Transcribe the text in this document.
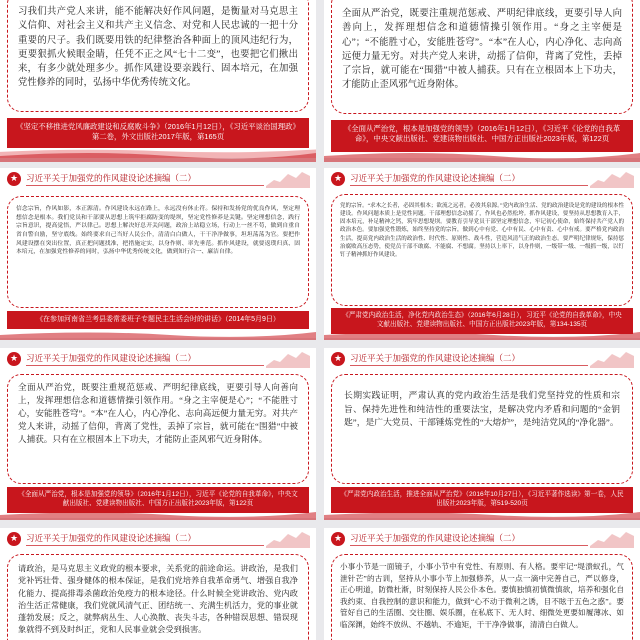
习我们共产党人来讲，能不能解决好作风问题，是衡量对马克思主义信仰、对社会主义和共产主义信念、对党和人民忠诚的一把十分重要的尺子。我们既要用铁的纪律整治各种面上的顶风违纪行为，更要狠抓火候眼金睛，任凭不正之风“七十二变”，也要把它们揪出来，有多少就处理多少。抓作风建设要亲践行、固本培元，在加强党性修养的同时，弘扬中华优秀传统文化。

《坚定不移推进党风廉政建设和反腐败斗争》（2016年1月12日），《习近平谈治国理政》第二卷，外文出版社2017年版，第165页

全面从严治党，既要注重规范惩戒、严明纪律底线，更要引导人向善向上，发挥理想信念和道德情操引领作用。“身之主宰便是心”；“不能胜寸心，安能胜苍穹”。“本”在人心，内心净化、志向高远便力量无穷。对共产党人来讲，动摇了信仰，背离了党性，丢掉了宗旨，就可能在“围猎”中被人捕获。只有在立根固本上下功夫，才能防止歪风邪气近身附体。

《全面从严治党，根本是加强党的领导》（2016年1月12日），《习近平《论党的自我革命》，中央文献出版社、党建读物出版社、中国方正出版社2023年版，第122页
★ 习近平关于加强党的作风建设论述摘编（二）

信念宗旨，作风如影，本正源清。作风建设永远在路上，永远没有休止符。保持和发扬党的优良作风，坚定理想信念是根本。我们党员和干部要从思想上筑牢拒腐防变的堤坝，坚定党性修养是关键。坚定理想信念，践行宗旨意识，提高觉悟，严以律己。思想上解决好总开关问题，政治上站稳立场，行动上一丝不苟，做到自重自省自警自励，坚守底线。始终要求自己当好人民公仆，清清白白做人，干干净净做事，坦坦荡荡为官。要把作风建设摆在突出位置，真正把问题找准，把措施定实，以身作则、率先垂范。抓作风建设，就要返璞归真、固本培元，在加强党性修养的同时，弘扬中华优秀传统文化，做到知行合一、廉洁自律。

《在参加河南省兰考县委常委班子专题民主生活会时的讲话》（2014年5月9日）
★ 习近平关于加强党的作风建设论述摘编（二）

党的宗旨。“求木之长者，必固其根本；欲流之远者，必浚其泉源。”党内政治生活、党的政治建设是党的建设的根本性建设。作风问题本质上是党性问题。干部理想信念动摇了，作风也必然松垮。抓作风建设，要坚持从思想教育入手，固本培元，补足精神之钙，筑牢思想堤坝。要教育引导党员干部坚定理想信念，牢记初心使命，始终保持共产党人的政治本色。要加强党性锻炼，始终坚持党的宗旨，做到心中有党、心中有民、心中有责、心中有戒。要严格党内政治生活，提高党内政治生活的政治性、时代性、原则性、战斗性，营造风清气正的政治生态。要严明纪律规矩，保持惩治腐败高压态势，使党员干部不敢腐、不能腐、不想腐。坚持以上率下，以身作则，一级带一级、一级抓一级，以钉钉子精神抓好作风建设。

《严肃党内政治生活，净化党内政治生态》（2016年6月28日），习近平《论党的自我革命》，中央文献出版社、党建读物出版社、中国方正出版社2023年版，第134-135页
★ 习近平关于加强党的作风建设论述摘编（二）

全面从严治党，既要注重规范惩戒、严明纪律底线，更要引导人向善向上，发挥理想信念和道德情操引领作用。“身之主宰便是心”；“不能胜寸心，安能胜苍穹”。“本”在人心，内心净化、志向高远便力量无穷。对共产党人来讲，动摇了信仰，背离了党性，丢掉了宗旨，就可能在“围猎”中被人捕获。只有在立根固本上下功夫，才能防止歪风邪气近身附体。

《全面从严治党，根本是加强党的领导》（2016年1月12日），习近平《论党的自我革命》，中央文献出版社、党建读物出版社、中国方正出版社2023年版，第122页
★ 习近平关于加强党的作风建设论述摘编（二）

长期实践证明，严肃认真的党内政治生活是我们党坚持党的性质和宗旨、保持先进性和纯洁性的重要法宝，是解决党内矛盾和问题的“金钥匙”，是广大党员、干部锤炼党性的“大熔炉”，是纯洁党风的“净化器”。

《严肃党内政治生活，推进全面从严治党》（2016年10月27日），《习近平著作选读》第一卷，人民出版社2023年版，第519-520页
★ 习近平关于加强党的作风建设论述摘编（二）

请政治，是马克思主义政党的根本要求，关系党的前途命运。讲政治，是我们党补钙壮骨、强身健体的根本保证，是我们党培养自我革命勇气、增强自我净化能力、提高排毒杀菌政治免疫力的根本途径。什么时候全党讲政治、党内政治生活正常健康，我们党就风清气正、团结统一、充满生机活力，党的事业就蓬勃发展；反之，就弊病丛生、人心涣散、丧失斗志，各种错误思想、错误现象就得不到及时纠正，党和人民事业就会受到损害。

★ 习近平关于加强党的作风建设论述摘编（二）

小事小节是一面镜子，小事小节中有党性、有原则、有人格。要牢记“堤溃蚁孔，气泄针芒”的古训，坚持从小事小节上加强修养，从一点一滴中完善自己，严以修身，正心明道，防微杜渐，时刻保持人民公仆本色。要慎独慎初慎微慎欲，培养和强化自我约束、自我控制的意识和能力，做到“心不动于微利之诱，目不眩于五色之惑”。要管好自己的生活圈、交往圈、娱乐圈，在私底下、无人时、细微处更要如履薄冰、如临深渊，始终不放纵、不越轨、不逾矩，干干净净做事，清清白白做人。
